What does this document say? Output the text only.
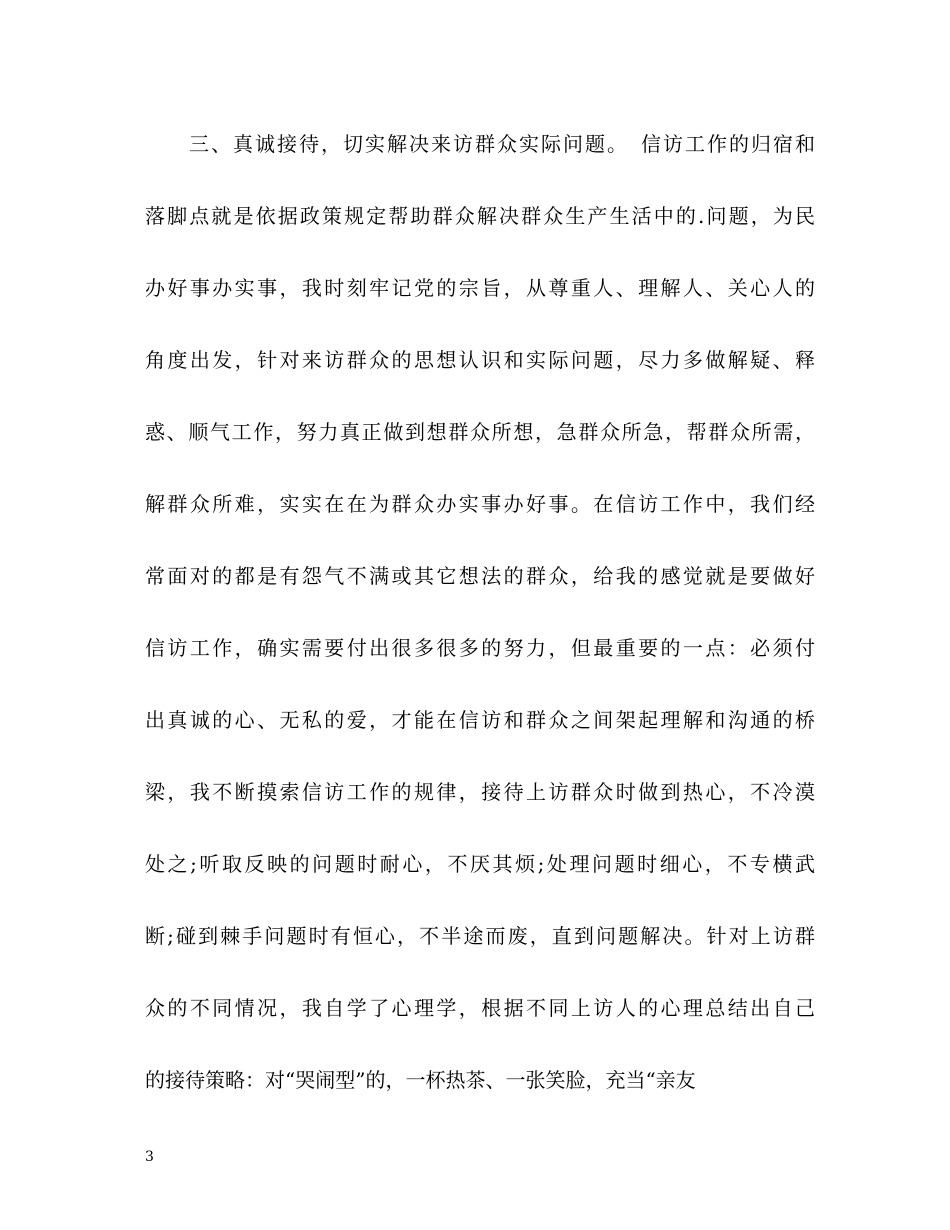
三、真诚接待，切实解决来访群众实际问题。　信访工作的归宿和
落脚点就是依据政策规定帮助群众解决群众生产生活中的.问题，为民
办好事办实事，我时刻牢记党的宗旨，从尊重人、理解人、关心人的
角度出发，针对来访群众的思想认识和实际问题，尽力多做解疑、释
惑、顺气工作，努力真正做到想群众所想，急群众所急，帮群众所需，
解群众所难，实实在在为群众办实事办好事。在信访工作中，我们经
常面对的都是有怨气不满或其它想法的群众，给我的感觉就是要做好
信访工作，确实需要付出很多很多的努力，但最重要的一点：必须付
出真诚的心、无私的爱，才能在信访和群众之间架起理解和沟通的桥
梁，我不断摸索信访工作的规律，接待上访群众时做到热心，不冷漠
处之;听取反映的问题时耐心，不厌其烦;处理问题时细心，不专横武
断;碰到棘手问题时有恒心，不半途而废，直到问题解决。针对上访群
众的不同情况，我自学了心理学，根据不同上访人的心理总结出自己
的接待策略：对“哭闹型”的，一杯热茶、一张笑脸，充当“亲友
3
